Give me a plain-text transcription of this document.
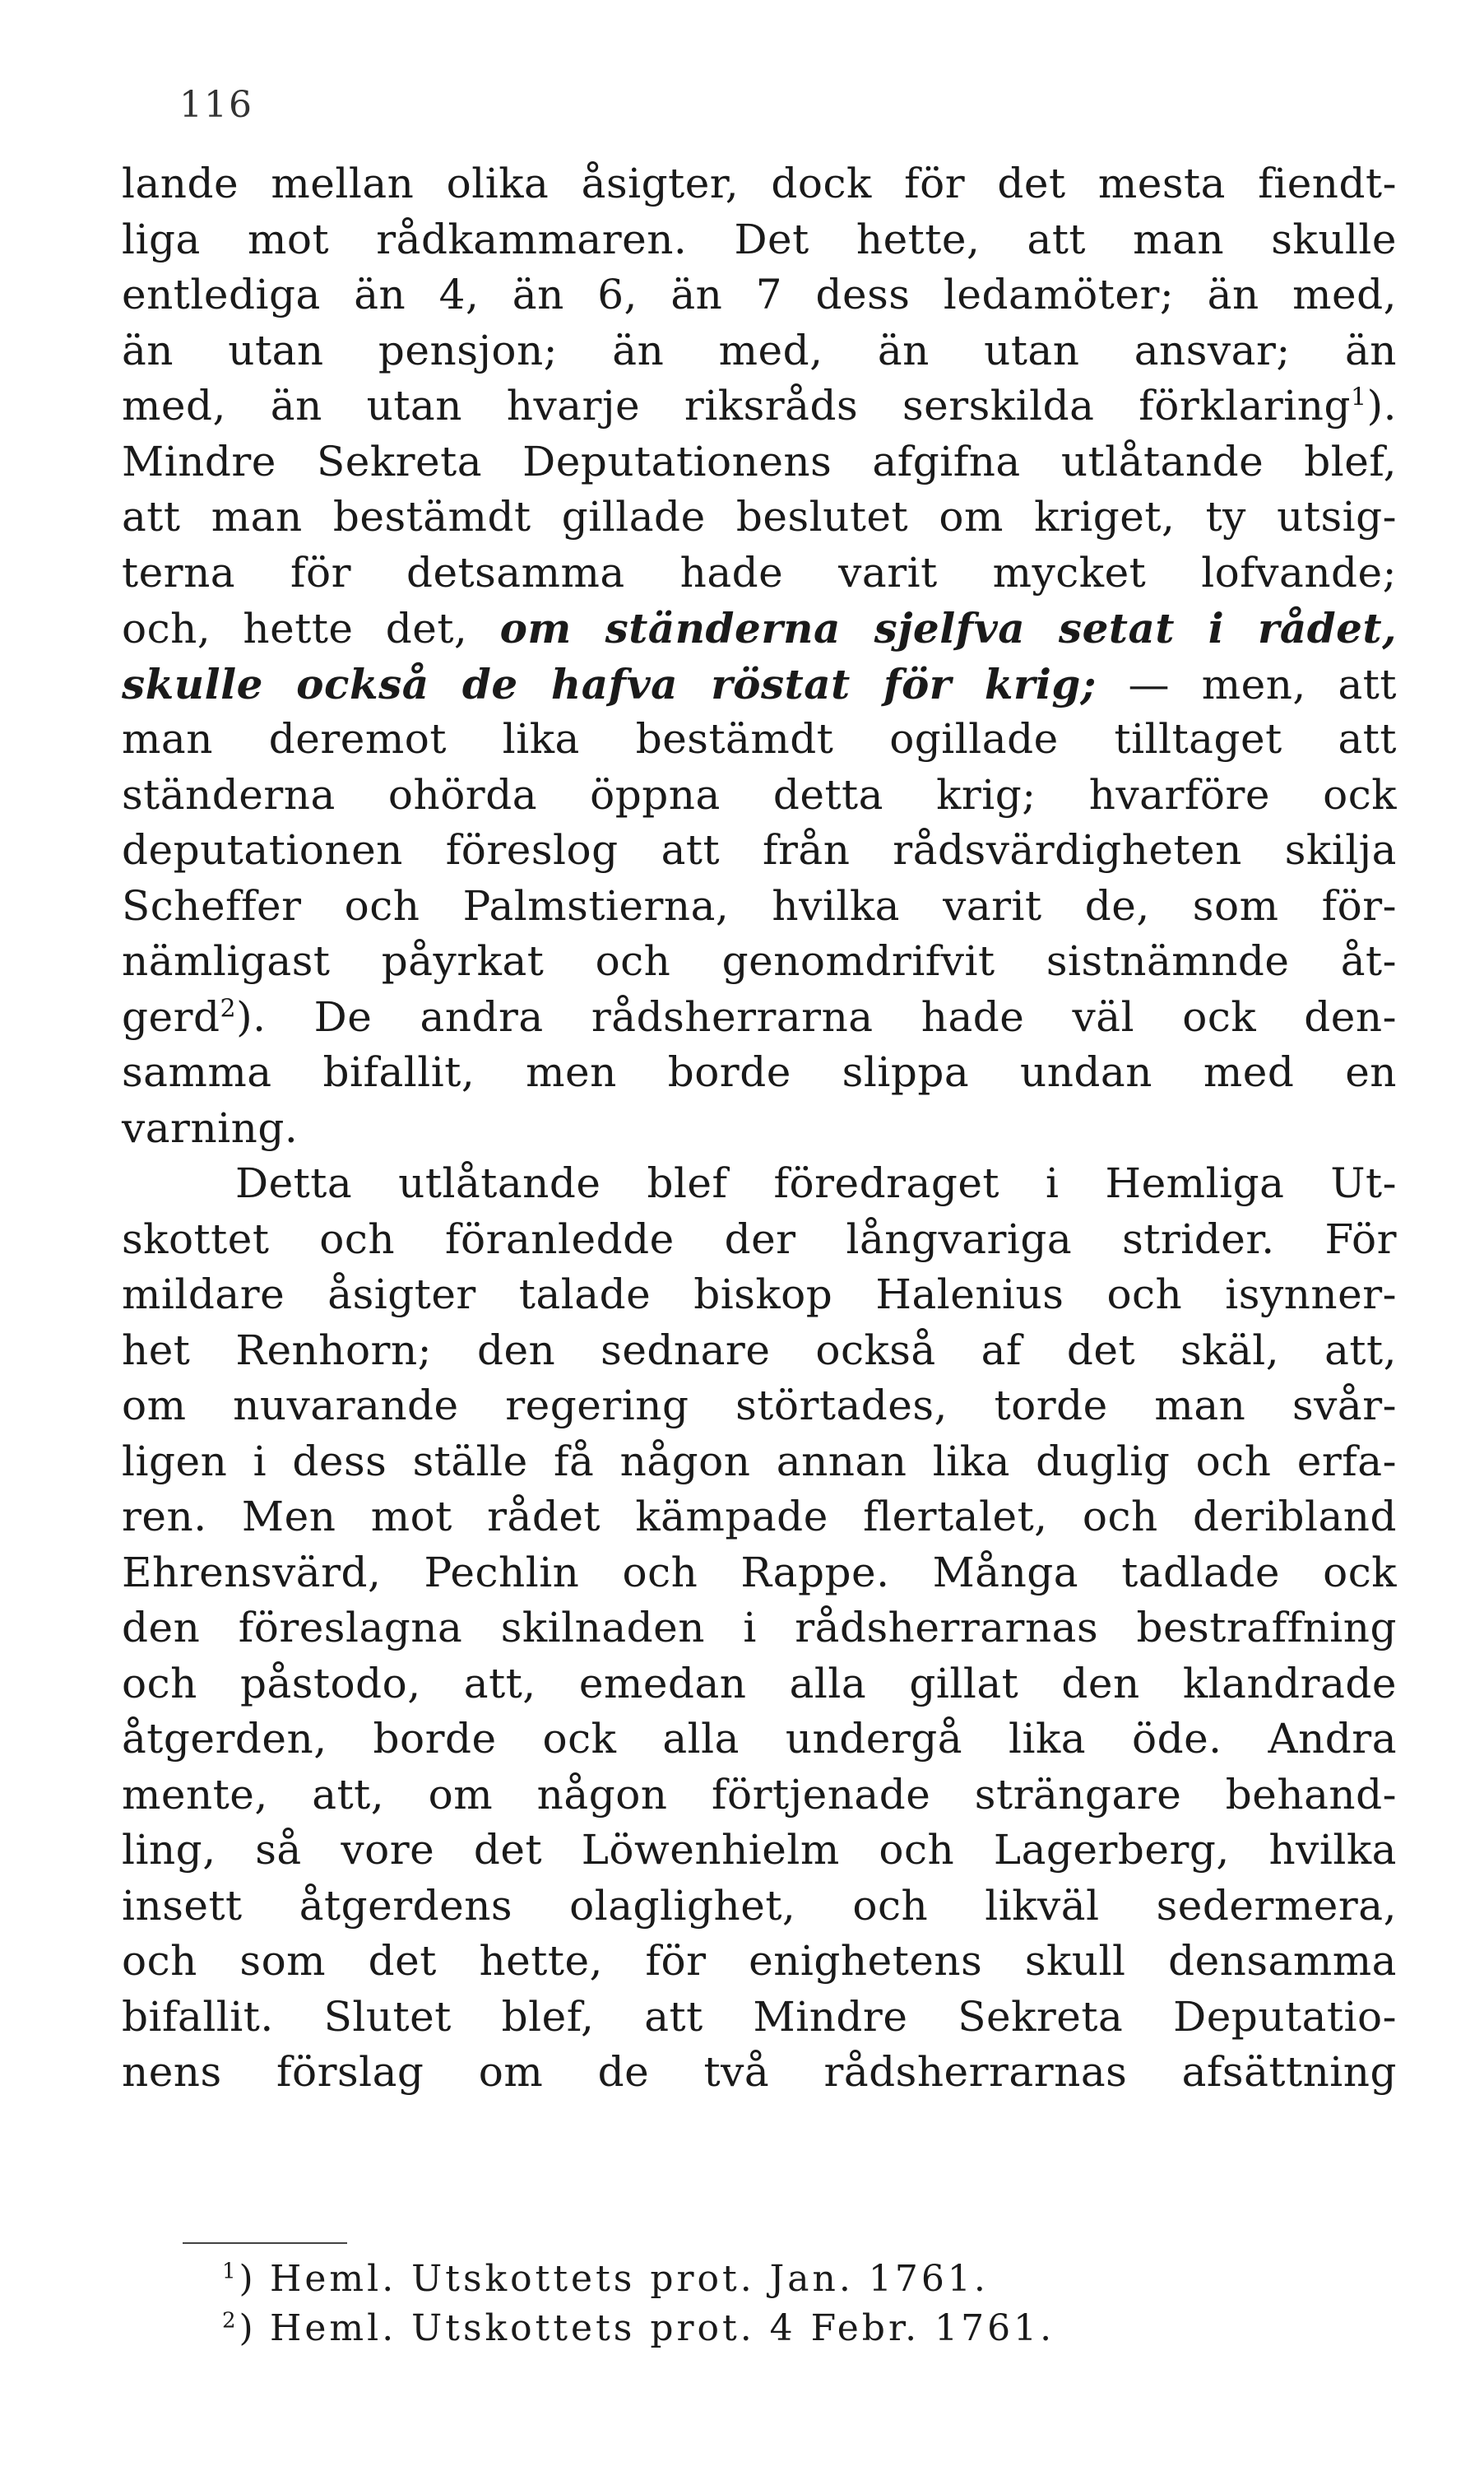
116
lande mellan olika åsigter, dock för det mesta fiendt-
liga mot rådkammaren. Det hette, att man skulle
entlediga än 4, än 6, än 7 dess ledamöter; än med,
än utan pensjon; än med, än utan ansvar; än
med, än utan hvarje riksråds serskilda förklaring$^1$).
Mindre Sekreta Deputationens afgifna utlåtande blef,
att man bestämdt gillade beslutet om kriget, ty utsig-
terna för detsamma hade varit mycket lofvande;
och, hette det, om ständerna sjelfva setat i rådet,
skulle också de hafva röstat för krig; — men, att
man deremot lika bestämdt ogillade tilltaget att
ständerna ohörda öppna detta krig; hvarföre ock
deputationen föreslog att från rådsvärdigheten skilja
Scheffer och Palmstierna, hvilka varit de, som för-
nämligast påyrkat och genomdrifvit sistnämnde åt-
gerd$^2$). De andra rådsherrarna hade väl ock den-
samma bifallit, men borde slippa undan med en
varning.
Detta utlåtande blef föredraget i Hemliga Ut-
skottet och föranledde der långvariga strider. För
mildare åsigter talade biskop Halenius och isynner-
het Renhorn; den sednare också af det skäl, att,
om nuvarande regering störtades, torde man svår-
ligen i dess ställe få någon annan lika duglig och erfa-
ren. Men mot rådet kämpade flertalet, och deribland
Ehrensvärd, Pechlin och Rappe. Många tadlade ock
den föreslagna skilnaden i rådsherrarnas bestraffning
och påstodo, att, emedan alla gillat den klandrade
åtgerden, borde ock alla undergå lika öde. Andra
mente, att, om någon förtjenade strängare behand-
ling, så vore det Löwenhielm och Lagerberg, hvilka
insett åtgerdens olaglighet, och likväl sedermera,
och som det hette, för enighetens skull densamma
bifallit. Slutet blef, att Mindre Sekreta Deputatio-
nens förslag om de två rådsherrarnas afsättning
$^1$) Heml. Utskottets prot. Jan. 1761.
$^2$) Heml. Utskottets prot. 4 Febr. 1761.
